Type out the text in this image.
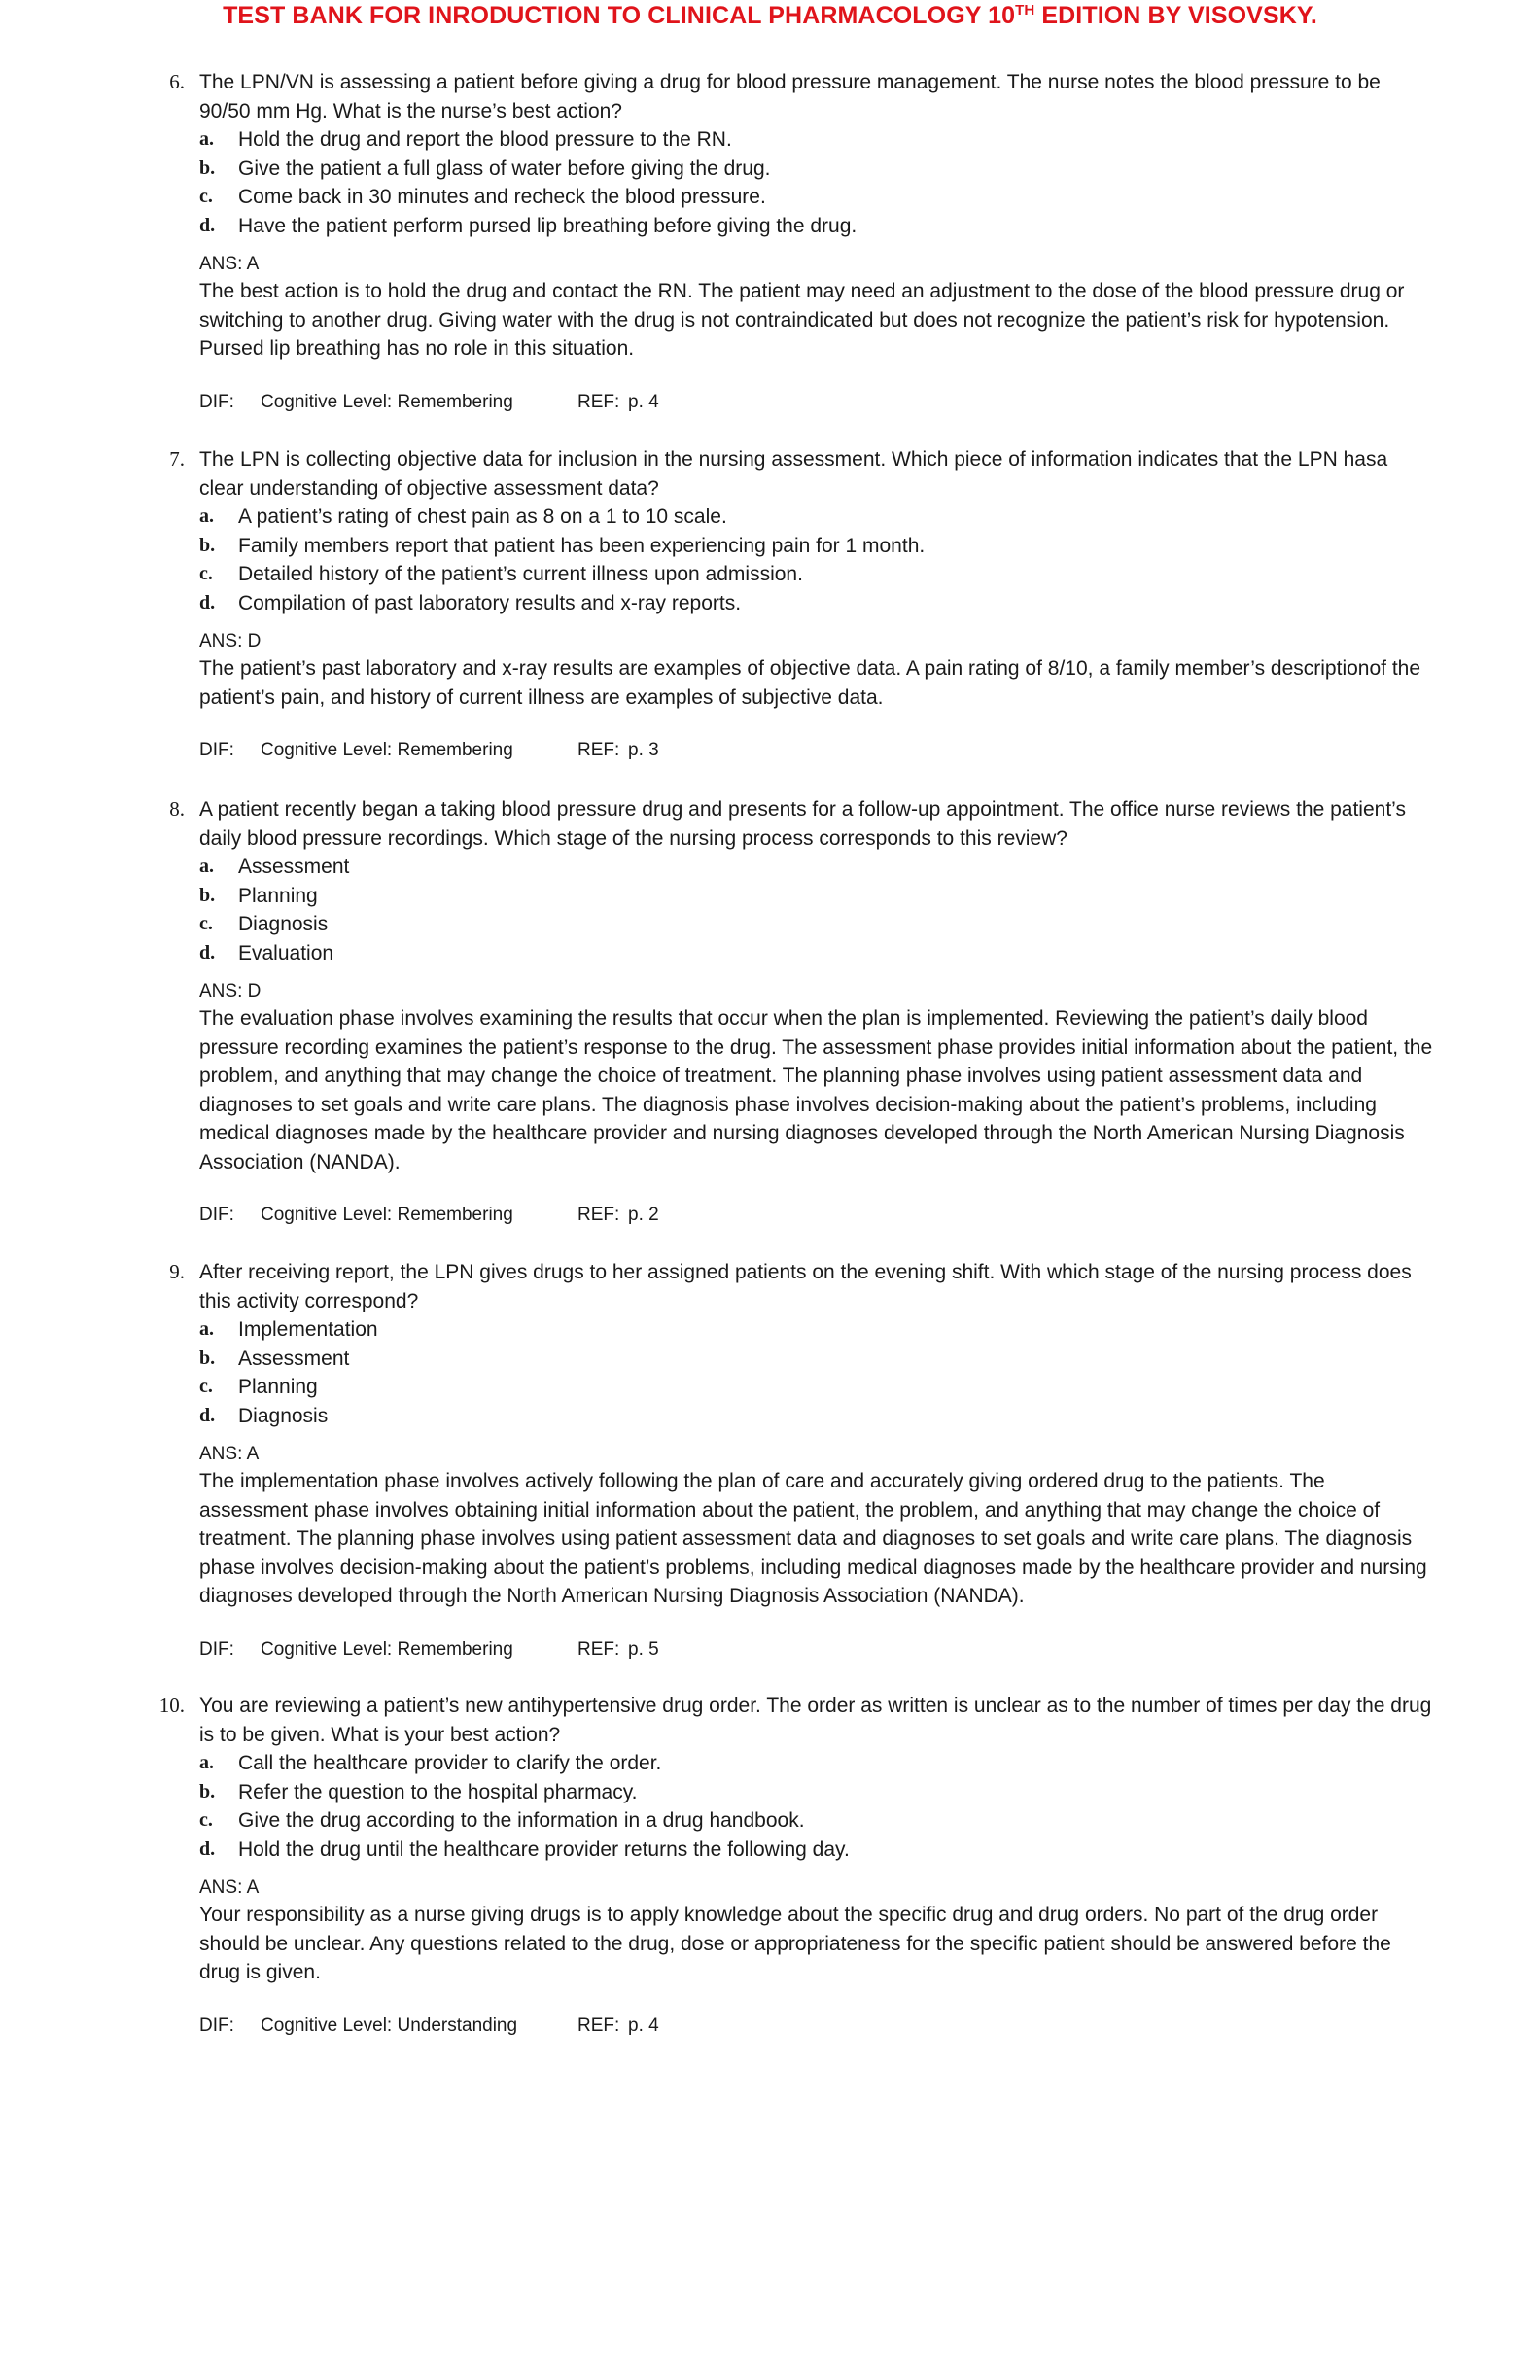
TEST BANK FOR INRODUCTION TO CLINICAL PHARMACOLOGY 10TH EDITION BY VISOVSKY.
6. The LPN/VN is assessing a patient before giving a drug for blood pressure management. The nurse notes the blood pressure to be 90/50 mm Hg. What is the nurse’s best action?
a. Hold the drug and report the blood pressure to the RN.
b. Give the patient a full glass of water before giving the drug.
c. Come back in 30 minutes and recheck the blood pressure.
d. Have the patient perform pursed lip breathing before giving the drug.
ANS: A
The best action is to hold the drug and contact the RN. The patient may need an adjustment to the dose of the blood pressure drug or switching to another drug. Giving water with the drug is not contraindicated but does not recognize the patient’s risk for hypotension. Pursed lip breathing has no role in this situation.
DIF: Cognitive Level: Remembering	REF: p. 4
7. The LPN is collecting objective data for inclusion in the nursing assessment. Which piece of information indicates that the LPN hasa clear understanding of objective assessment data?
a. A patient’s rating of chest pain as 8 on a 1 to 10 scale.
b. Family members report that patient has been experiencing pain for 1 month.
c. Detailed history of the patient’s current illness upon admission.
d. Compilation of past laboratory results and x-ray reports.
ANS: D
The patient’s past laboratory and x-ray results are examples of objective data. A pain rating of 8/10, a family member’s descriptionof the patient’s pain, and history of current illness are examples of subjective data.
DIF: Cognitive Level: Remembering	REF: p. 3
8. A patient recently began a taking blood pressure drug and presents for a follow-up appointment. The office nurse reviews the patient’s daily blood pressure recordings. Which stage of the nursing process corresponds to this review?
a. Assessment
b. Planning
c. Diagnosis
d. Evaluation
ANS: D
The evaluation phase involves examining the results that occur when the plan is implemented. Reviewing the patient’s daily blood pressure recording examines the patient’s response to the drug. The assessment phase provides initial information about the patient, the problem, and anything that may change the choice of treatment. The planning phase involves using patient assessment data and diagnoses to set goals and write care plans. The diagnosis phase involves decision-making about the patient’s problems, including medical diagnoses made by the healthcare provider and nursing diagnoses developed through the North American Nursing Diagnosis Association (NANDA).
DIF: Cognitive Level: Remembering	REF: p. 2
9. After receiving report, the LPN gives drugs to her assigned patients on the evening shift. With which stage of the nursing process does this activity correspond?
a. Implementation
b. Assessment
c. Planning
d. Diagnosis
ANS: A
The implementation phase involves actively following the plan of care and accurately giving ordered drug to the patients. The assessment phase involves obtaining initial information about the patient, the problem, and anything that may change the choice of treatment. The planning phase involves using patient assessment data and diagnoses to set goals and write care plans. The diagnosis phase involves decision-making about the patient’s problems, including medical diagnoses made by the healthcare provider and nursing diagnoses developed through the North American Nursing Diagnosis Association (NANDA).
DIF: Cognitive Level: Remembering	REF: p. 5
10. You are reviewing a patient’s new antihypertensive drug order. The order as written is unclear as to the number of times per day the drug is to be given. What is your best action?
a. Call the healthcare provider to clarify the order.
b. Refer the question to the hospital pharmacy.
c. Give the drug according to the information in a drug handbook.
d. Hold the drug until the healthcare provider returns the following day.
ANS: A
Your responsibility as a nurse giving drugs is to apply knowledge about the specific drug and drug orders. No part of the drug order should be unclear. Any questions related to the drug, dose or appropriateness for the specific patient should be answered before the drug is given.
DIF: Cognitive Level: Understanding	REF: p. 4
